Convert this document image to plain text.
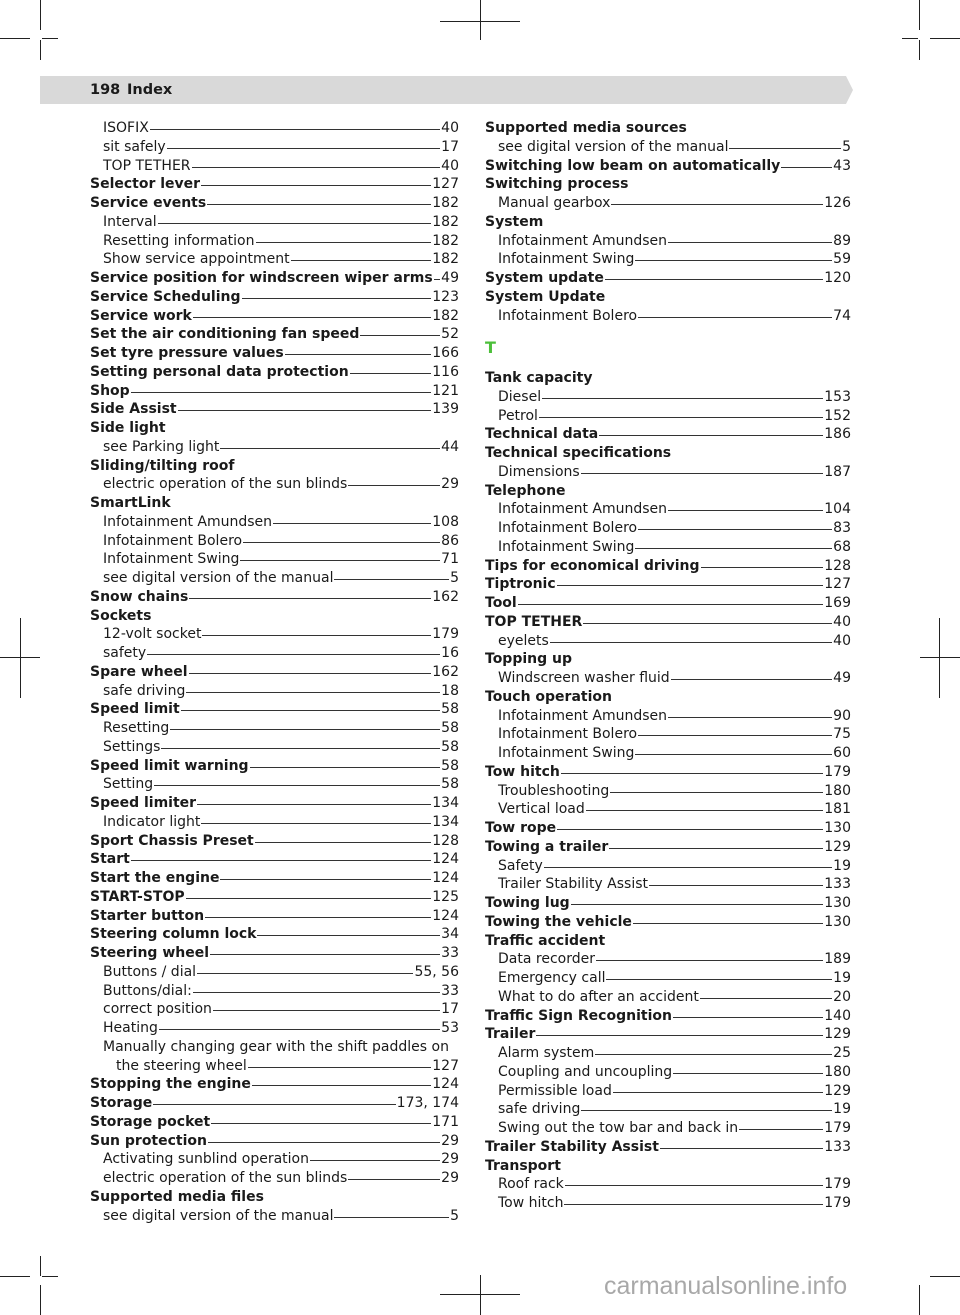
198 Index
ISOFIX	40
sit safely	17
TOP TETHER	40
Selector lever	127
Service events	182
Interval	182
Resetting information	182
Show service appointment	182
Service position for windscreen wiper arms 49
Service Scheduling	123
Service work	182
Set the air conditioning fan speed	52
Set tyre pressure values	166
Setting personal data protection	116
Shop	121
Side Assist	139
Side light
see Parking light	44
Sliding/tilting roof
electric operation of the sun blinds	29
SmartLink
Infotainment Amundsen	108
Infotainment Bolero	86
Infotainment Swing	71
see digital version of the manual	5
Snow chains	162
Sockets
12-volt socket	179
safety	16
Spare wheel	162
safe driving	18
Speed limit	58
Resetting	58
Settings	58
Speed limit warning	58
Setting	58
Speed limiter	134
Indicator light	134
Sport Chassis Preset	128
Start	124
Start the engine	124
START-STOP	125
Starter button	124
Steering column lock	34
Steering wheel	33
Buttons / dial	55, 56
Buttons/dial:	33
correct position	17
Heating	53
Manually changing gear with the shift paddles on
the steering wheel	127
Stopping the engine	124
Storage	173, 174
Storage pocket	171
Sun protection	29
Activating sunblind operation	29
electric operation of the sun blinds	29
Supported media files
see digital version of the manual	5
Supported media sources
see digital version of the manual	5
Switching low beam on automatically	43
Switching process
Manual gearbox	126
System
Infotainment Amundsen	89
Infotainment Swing	59
System update	120
System Update
Infotainment Bolero	74
T
Tank capacity
Diesel	153
Petrol	152
Technical data	186
Technical specifications
Dimensions	187
Telephone
Infotainment Amundsen	104
Infotainment Bolero	83
Infotainment Swing	68
Tips for economical driving	128
Tiptronic	127
Tool	169
TOP TETHER	40
eyelets	40
Topping up
Windscreen washer fluid	49
Touch operation
Infotainment Amundsen	90
Infotainment Bolero	75
Infotainment Swing	60
Tow hitch	179
Troubleshooting	180
Vertical load	181
Tow rope	130
Towing a trailer	129
Safety	19
Trailer Stability Assist	133
Towing lug	130
Towing the vehicle	130
Traffic accident
Data recorder	189
Emergency call	19
What to do after an accident	20
Traffic Sign Recognition	140
Trailer	129
Alarm system	25
Coupling and uncoupling	180
Permissible load	129
safe driving	19
Swing out the tow bar and back in	179
Trailer Stability Assist	133
Transport
Roof rack	179
Tow hitch	179
carmanualsonline.info
